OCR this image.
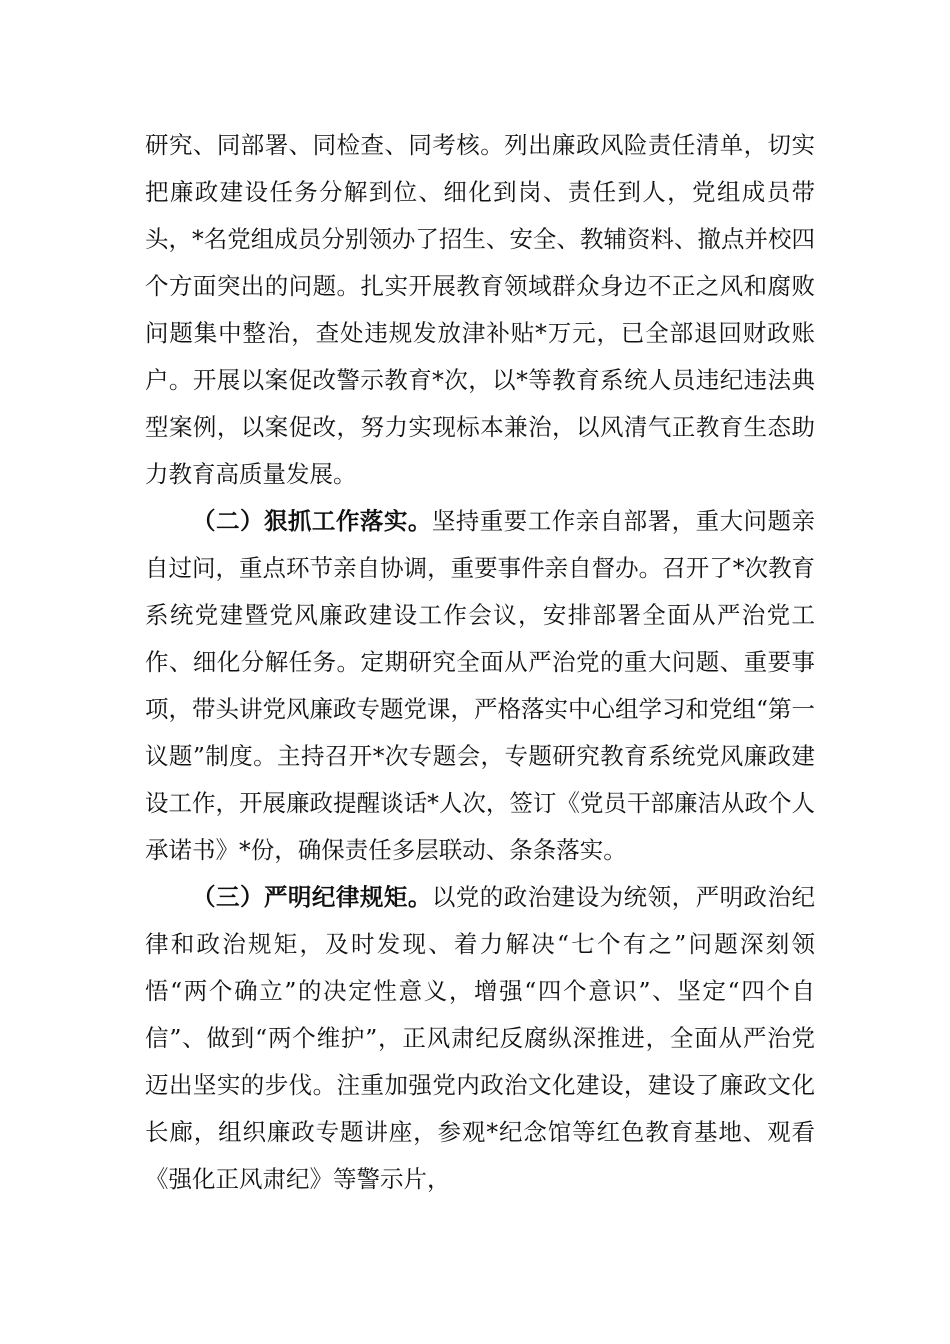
研究、同部署、同检查、同考核。列出廉政风险责任清单，切实把廉政建设任务分解到位、细化到岗、责任到人，党组成员带头，*名党组成员分别领办了招生、安全、教辅资料、撤点并校四个方面突出的问题。扎实开展教育领域群众身边不正之风和腐败问题集中整治，查处违规发放津补贴*万元，已全部退回财政账户。开展以案促改警示教育*次，以*等教育系统人员违纪违法典型案例，以案促改，努力实现标本兼治，以风清气正教育生态助力教育高质量发展。

（二）狠抓工作落实。坚持重要工作亲自部署，重大问题亲自过问，重点环节亲自协调，重要事件亲自督办。召开了*次教育系统党建暨党风廉政建设工作会议，安排部署全面从严治党工作、细化分解任务。定期研究全面从严治党的重大问题、重要事项，带头讲党风廉政专题党课，严格落实中心组学习和党组“第一议题”制度。主持召开*次专题会，专题研究教育系统党风廉政建设工作，开展廉政提醒谈话*人次，签订《党员干部廉洁从政个人承诺书》*份，确保责任多层联动、条条落实。

（三）严明纪律规矩。以党的政治建设为统领，严明政治纪律和政治规矩，及时发现、着力解决“七个有之”问题深刻领悟“两个确立”的决定性意义，增强“四个意识”、坚定“四个自信”、做到“两个维护”，正风肃纪反腐纵深推进，全面从严治党迈出坚实的步伐。注重加强党内政治文化建设，建设了廉政文化长廊，组织廉政专题讲座，参观*纪念馆等红色教育基地、观看《强化正风肃纪》等警示片，
